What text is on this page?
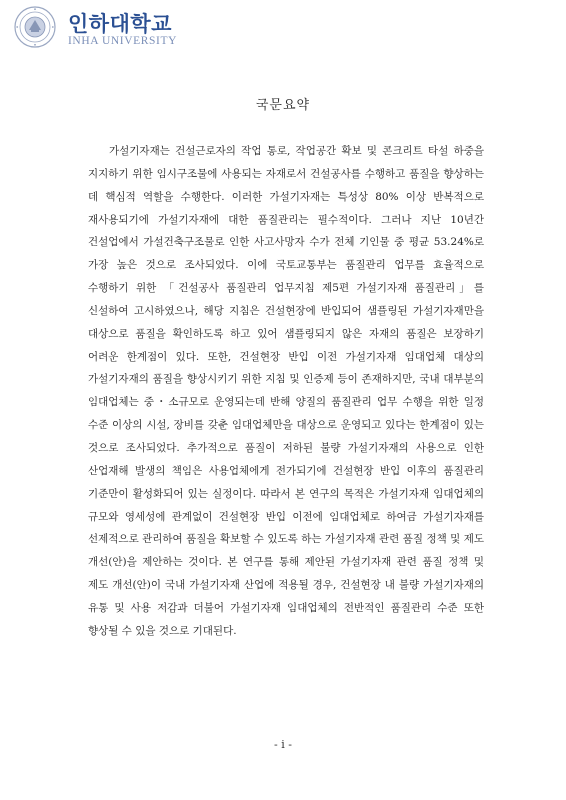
인하대학교
INHA UNIVERSITY
국문요약

가설기자재는 건설근로자의 작업 통로, 작업공간 확보 및 콘크리트 타설 하중을 지지하기 위한 임시구조물에 사용되는 자재로서 건설공사를 수행하고 품질을 향상하는 데 핵심적 역할을 수행한다. 이러한 가설기자재는 특성상 80% 이상 반복적으로 재사용되기에 가설기자재에 대한 품질관리는 필수적이다. 그러나 지난 10년간 건설업에서 가설건축구조물로 인한 사고사망자 수가 전체 기인물 중 평균 53.24%로 가장 높은 것으로 조사되었다. 이에 국토교통부는 품질관리 업무를 효율적으로 수행하기 위한 「건설공사 품질관리 업무지침 제5편 가설기자재 품질관리」를 신설하여 고시하였으나, 해당 지침은 건설현장에 반입되어 샘플링된 가설기자재만을 대상으로 품질을 확인하도록 하고 있어 샘플링되지 않은 자재의 품질은 보장하기 어려운 한계점이 있다. 또한, 건설현장 반입 이전 가설기자재 임대업체 대상의 가설기자재의 품질을 향상시키기 위한 지침 및 인증제 등이 존재하지만, 국내 대부분의 임대업체는 중・소규모로 운영되는데 반해 양질의 품질관리 업무 수행을 위한 일정 수준 이상의 시설, 장비를 갖춘 임대업체만을 대상으로 운영되고 있다는 한계점이 있는 것으로 조사되었다. 추가적으로 품질이 저하된 불량 가설기자재의 사용으로 인한 산업재해 발생의 책임은 사용업체에게 전가되기에 건설현장 반입 이후의 품질관리 기준만이 활성화되어 있는 실정이다. 따라서 본 연구의 목적은 가설기자재 임대업체의 규모와 영세성에 관계없이 건설현장 반입 이전에 임대업체로 하여금 가설기자재를 선제적으로 관리하여 품질을 확보할 수 있도록 하는 가설기자재 관련 품질 정책 및 제도 개선(안)을 제안하는 것이다. 본 연구를 통해 제안된 가설기자재 관련 품질 정책 및 제도 개선(안)이 국내 가설기자재 산업에 적용될 경우, 건설현장 내 불량 가설기자재의 유통 및 사용 저감과 더불어 가설기자재 임대업체의 전반적인 품질관리 수준 또한 향상될 수 있을 것으로 기대된다.

- i -
